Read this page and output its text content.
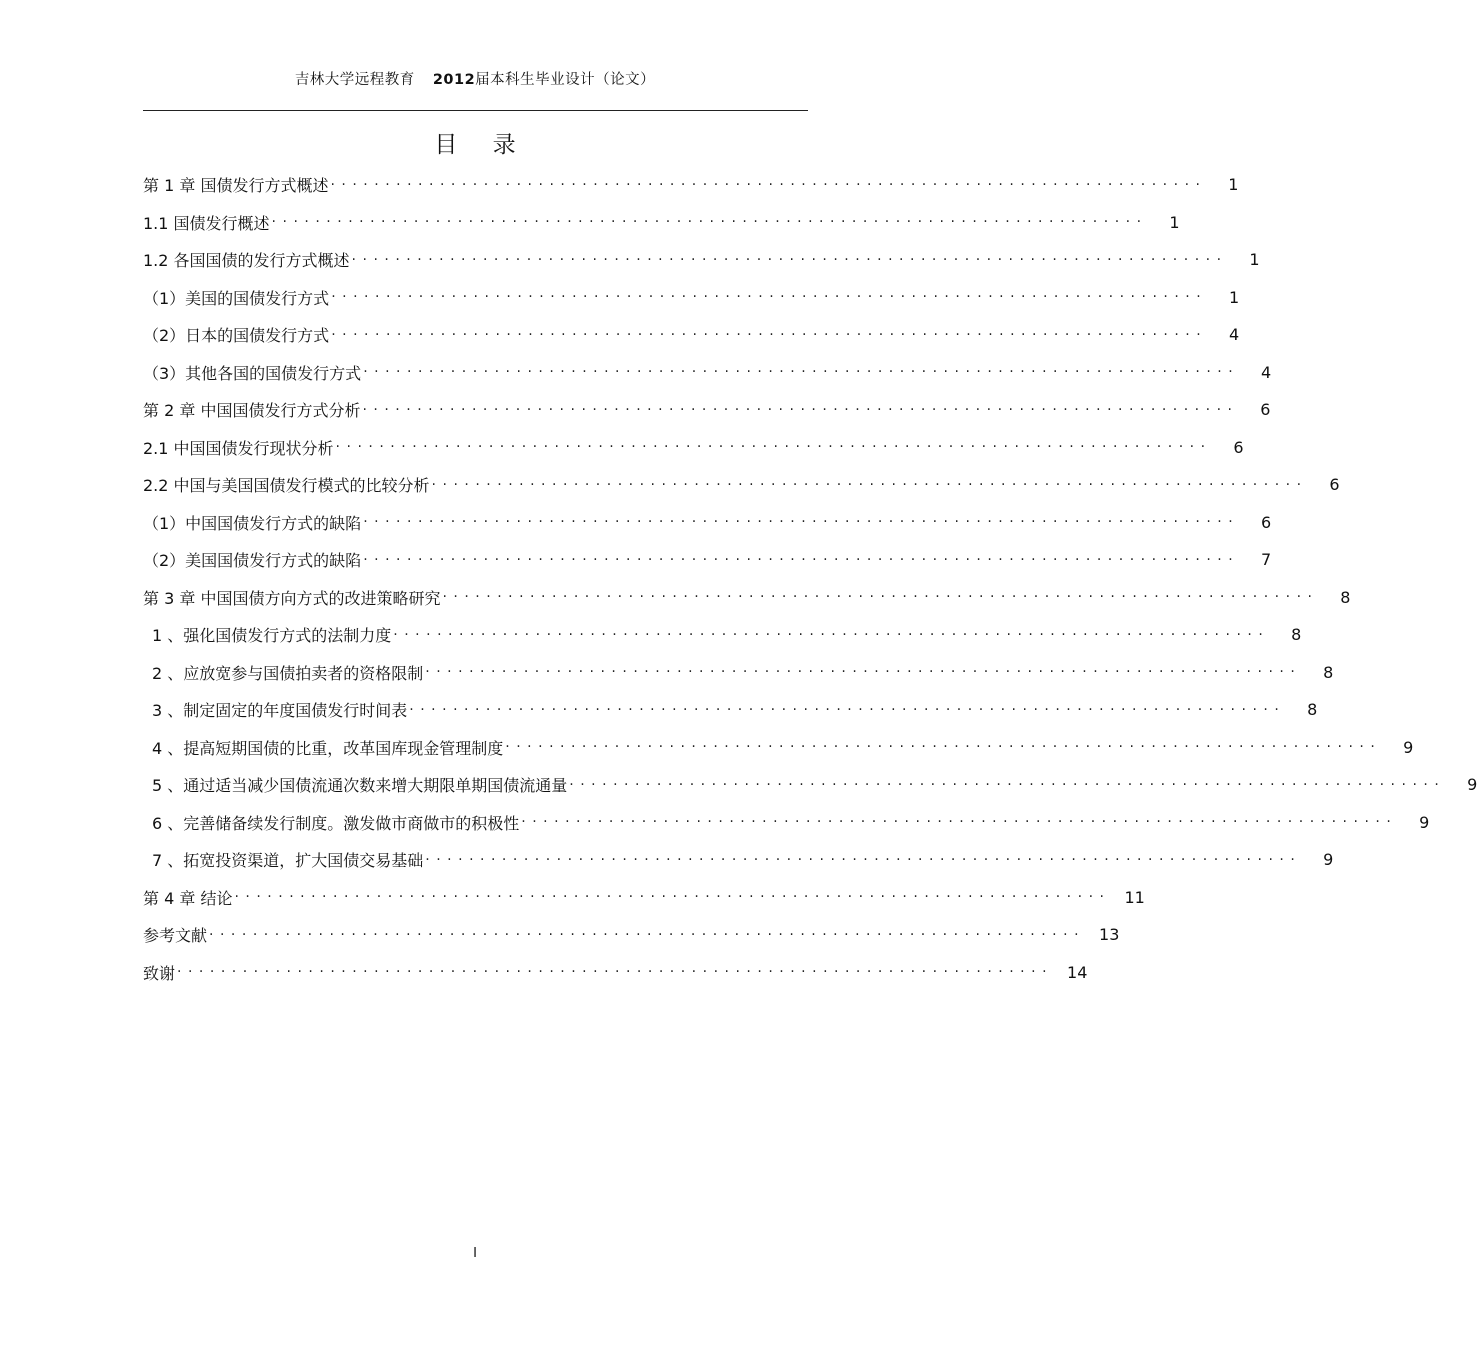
吉林大学远程教育 2012届本科生毕业设计（论文）
目 录
第 1 章 国债发行方式概述 ················································································	1
1.1 国债发行概述 ················································································	1
1.2 各国国债的发行方式概述 ················································································	1
（1）美国的国债发行方式 ················································································	1
（2）日本的国债发行方式 ················································································	4
（3）其他各国的国债发行方式 ················································································	4
第 2 章 中国国债发行方式分析 ················································································	6
2.1 中国国债发行现状分析 ················································································	6
2.2 中国与美国国债发行模式的比较分析 ················································································	6
（1）中国国债发行方式的缺陷 ················································································	6
（2）美国国债发行方式的缺陷 ················································································	7
第 3 章 中国国债方向方式的改进策略研究 ················································································	8
1 、强化国债发行方式的法制力度 ················································································	8
2 、应放宽参与国债拍卖者的资格限制 ················································································	8
3 、制定固定的年度国债发行时间表 ················································································	8
4 、提高短期国债的比重，改革国库现金管理制度 ················································································	9
5 、通过适当减少国债流通次数来增大期限单期国债流通量 ················································································	9
6 、完善储备续发行制度。激发做市商做市的积极性 ················································································	9
7 、拓宽投资渠道，扩大国债交易基础 ················································································	9
第 4 章 结论 ················································································ 11
参考文献 ················································································ 13
致谢 ················································································ 14
I
